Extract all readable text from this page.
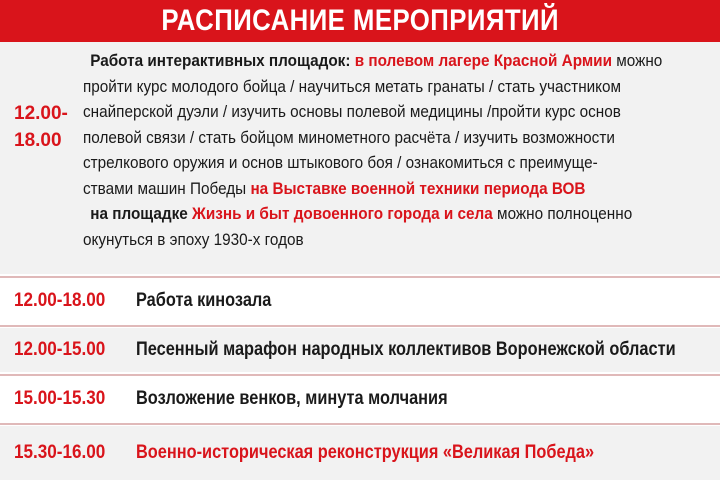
РАСПИСАНИЕ МЕРОПРИЯТИЙ
12.00-
18.00
Работа интерактивных площадок: в полевом лагере Красной Армии можно
пройти курс молодого бойца / научиться метать гранаты / стать участником
снайперской дуэли / изучить основы полевой медицины /пройти курс основ
полевой связи / стать бойцом минометного расчёта / изучить возможности
стрелкового оружия и основ штыкового боя / ознакомиться с преимуще-
ствами машин Победы на Выставке военной техники периода ВОВ
на площадке Жизнь и быт довоенного города и села можно полноценно
окунуться в эпоху 1930-х годов
12.00-18.00 Работа кинозала
12.00-15.00 Песенный марафон народных коллективов Воронежской области
15.00-15.30 Возложение венков, минута молчания
15.30-16.00 Военно-историческая реконструкция «Великая Победа»
